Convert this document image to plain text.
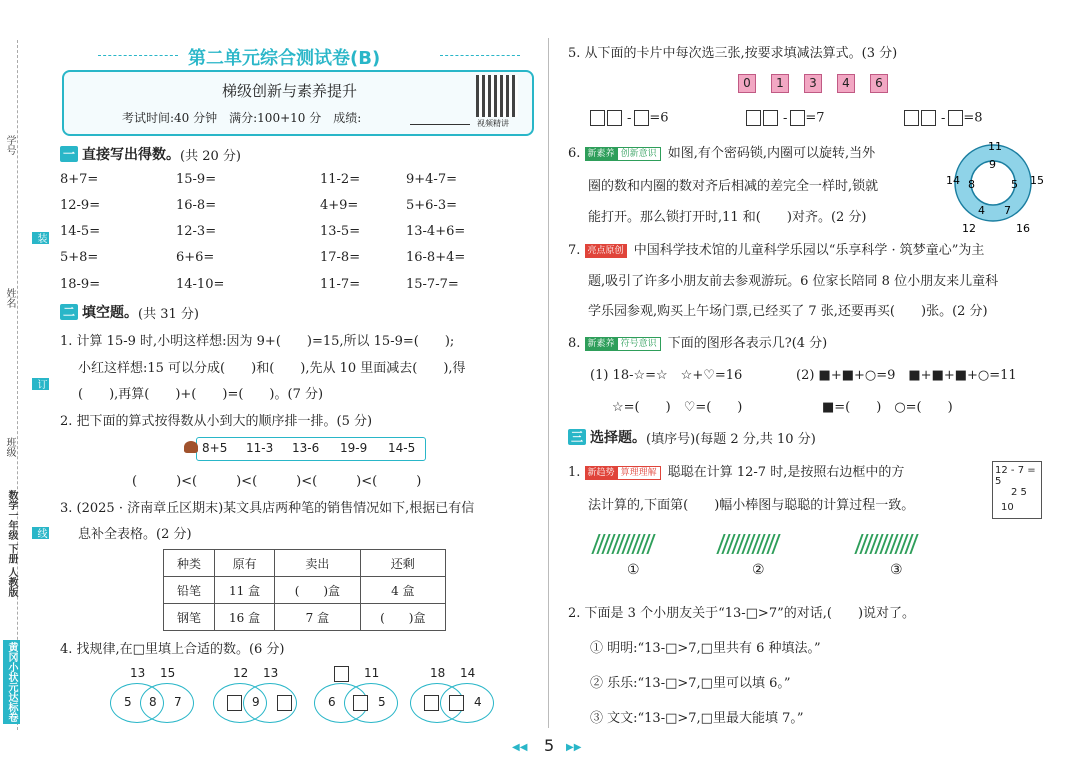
学号
姓名
班级
装
订
线
数学一年级 下册 人教版
黄冈小状元达标卷
第二单元综合测试卷(B)
梯级创新与素养提升
考试时间:40 分钟　满分:100+10 分　成绩:	视频精讲
一 直接写出得数。 (共 20 分)
8+7=	15-9=	11-2=	9+4-7=
12-9=	16-8=	4+9=	5+6-3=
14-5=	12-3=	13-5=	13-4+6=
5+8=	6+6=	17-8=	16-8+4=
18-9=	14-10=	11-7=	15-7-7=
二 填空题。 (共 31 分)
1. 计算 15-9 时,小明这样想:因为 9+(　　)=15,所以 15-9=(　　);
小红这样想:15 可以分成(　　)和(　　),先从 10 里面减去(　　),得
(　　),再算(　　)+(　　)=(　　)。(7 分)
2. 把下面的算式按得数从小到大的顺序排一排。(5 分)
8+5 11-3 13-6 19-9 14-5
(　　　)<(　　　)<(　　　)<(　　　)<(　　　)
3. (2025 · 济南章丘区期末)某文具店两种笔的销售情况如下,根据已有信
息补全表格。(2 分)
种类	原有	卖出	还剩
铅笔	11 盒	(　　)盒	4 盒
钢笔	16 盒	7 盒	(　　)盒
4. 找规律,在□里填上合适的数。(6 分)
13 15
5 8 7
12 13
9
11
6	5
18 14
4
5. 从下面的卡片中每次选三张,按要求填减法算式。(3 分)
0 1 3 4 6
- =6	- =7	- =8
6. 新素养 创新意识 如图,有个密码锁,内圈可以旋转,当外
圈的数和内圈的数对齐后相减的差完全一样时,锁就
能打开。那么锁打开时,11 和(　　)对齐。(2 分)
11
15
16
12
14
9
5
7
4
8
7. 亮点原创 中国科学技术馆的儿童科学乐园以“乐享科学 · 筑梦童心”为主
题,吸引了许多小朋友前去参观游玩。6 位家长陪同 8 位小朋友来儿童科
学乐园参观,购买上午场门票,已经买了 7 张,还要再买(　　)张。(2 分)
8. 新素养 符号意识 下面的图形各表示几?(4 分)
(1) 18-☆=☆　☆+♡=16	(2) ■+■+○=9　■+■+■+○=11
☆=(　　)　♡=(　　)	■=(　　)　○=(　　)
三 选择题。 (填序号)(每题 2 分,共 10 分)
1. 新趋势 算理理解 聪聪在计算 12-7 时,是按照右边框中的方
法计算的,下面第(　　)幅小棒图与聪聪的计算过程一致。
12 - 7 = 5
2 5
10
①	②	③
2. 下面是 3 个小朋友关于“13-□>7”的对话,(　　)说对了。
① 明明:“13-□>7,□里共有 6 种填法。”
② 乐乐:“13-□>7,□里可以填 6。”
③ 文文:“13-□>7,□里最大能填 7。”
◀◀ 5 ▶▶
